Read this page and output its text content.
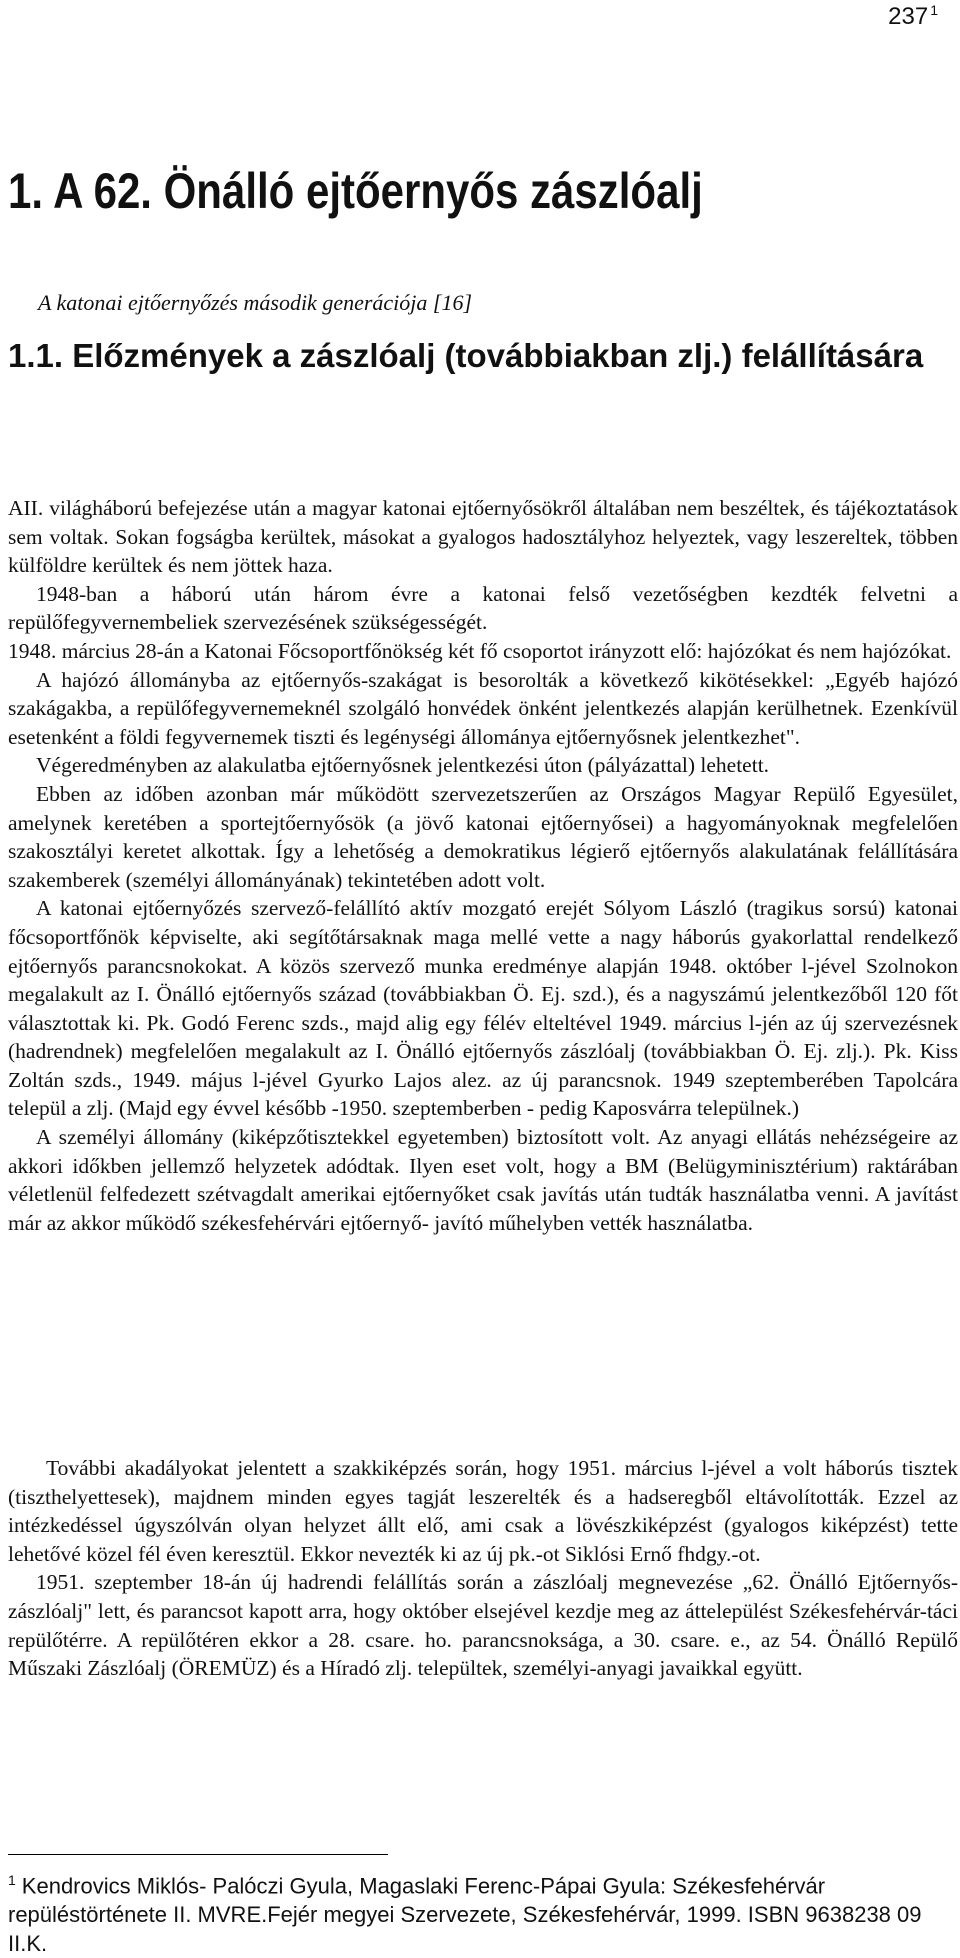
237 $^1$
1. A 62. Önálló ejtőernyős zászlóalj

A katonai ejtőernyőzés második generációja [16]

1.1. Előzmények a zászlóalj (továbbiakban zlj.) felállítására

AII. világháború befejezése után a magyar katonai ejtőernyősökről általában nem beszéltek, és tájékoztatások sem voltak. Sokan fogságba kerültek, másokat a gyalogos hadosztályhoz helyeztek, vagy leszereltek, többen külföldre kerültek és nem jöttek haza.

1948-ban a háború után három évre a katonai felső vezetőségben kezdték felvetni a repülőfegyvernembeliek szervezésének szükségességét.

1948. március 28-án a Katonai Főcsoportfőnökség két fő csoportot irányzott elő: hajózókat és nem hajózókat.

A hajózó állományba az ejtőernyős-szakágat is besorolták a következő kikötésekkel: „Egyéb hajózó szakágakba, a repülőfegyvernemeknél szolgáló honvédek önként jelentkezés alapján kerülhetnek. Ezenkívül esetenként a földi fegyvernemek tiszti és legénységi állománya ejtőernyősnek jelentkezhet".

Végeredményben az alakulatba ejtőernyősnek jelentkezési úton (pályázattal) lehetett.

Ebben az időben azonban már működött szervezetszerűen az Országos Magyar Repülő Egyesület, amelynek keretében a sportejtőernyősök (a jövő katonai ejtőernyősei) a hagyományoknak megfelelően szakosztályi keretet alkottak. Így a lehetőség a demokratikus légierő ejtőernyős alakulatának felállítására szakemberek (személyi állományának) tekintetében adott volt.

A katonai ejtőernyőzés szervező-felállító aktív mozgató erejét Sólyom László (tragikus sorsú) katonai főcsoportfőnök képviselte, aki segítőtársaknak maga mellé vette a nagy háborús gyakorlattal rendelkező ejtőernyős parancsnokokat. A közös szervező munka eredménye alapján 1948. október l-jével Szolnokon megalakult az I. Önálló ejtőernyős század (továbbiakban Ö. Ej. szd.), és a nagyszámú jelentkezőből 120 főt választottak ki. Pk. Godó Ferenc szds., majd alig egy félév elteltével 1949. március l-jén az új szervezésnek (hadrendnek) megfelelően megalakult az I. Önálló ejtőernyős zászlóalj (továbbiakban Ö. Ej. zlj.). Pk. Kiss Zoltán szds., 1949. május l-jével Gyurko Lajos alez. az új parancsnok. 1949 szeptemberében Tapolcára települ a zlj. (Majd egy évvel később -1950. szeptemberben - pedig Kaposvárra települnek.)

A személyi állomány (kiképzőtisztekkel egyetemben) biztosított volt. Az anyagi ellátás nehézségeire az akkori időkben jellemző helyzetek adódtak. Ilyen eset volt, hogy a BM (Belügyminisztérium) raktárában véletlenül felfedezett szétvagdalt amerikai ejtőernyőket csak javítás után tudták használatba venni. A javítást már az akkor működő székesfehérvári ejtőernyő- javító műhelyben vették használatba.

További akadályokat jelentett a szakkiképzés során, hogy 1951. március l-jével a volt háborús tisztek (tiszthelyettesek), majdnem minden egyes tagját leszerelték és a hadseregből eltávolították. Ezzel az intézkedéssel úgyszólván olyan helyzet állt elő, ami csak a lövészkiképzést (gyalogos kiképzést) tette lehetővé közel fél éven keresztül. Ekkor nevezték ki az új pk.-ot Siklósi Ernő fhdgy.-ot.

1951. szeptember 18-án új hadrendi felállítás során a zászlóalj megnevezése „62. Önálló Ejtőernyős-zászlóalj" lett, és parancsot kapott arra, hogy október elsejével kezdje meg az áttelepülést Székesfehérvár-táci repülőtérre. A repülőtéren ekkor a 28. csare. ho. parancsnoksága, a 30. csare. e., az 54. Önálló Repülő Műszaki Zászlóalj (ÖREMÜZ) és a Híradó zlj. települtek, személyi-anyagi javaikkal együtt.

$^1$ Kendrovics Miklós- Palóczi Gyula, Magaslaki Ferenc-Pápai Gyula: Székesfehérvár repüléstörténete II. MVRE.Fejér megyei Szervezete, Székesfehérvár, 1999. ISBN 9638238 09 II.K.
